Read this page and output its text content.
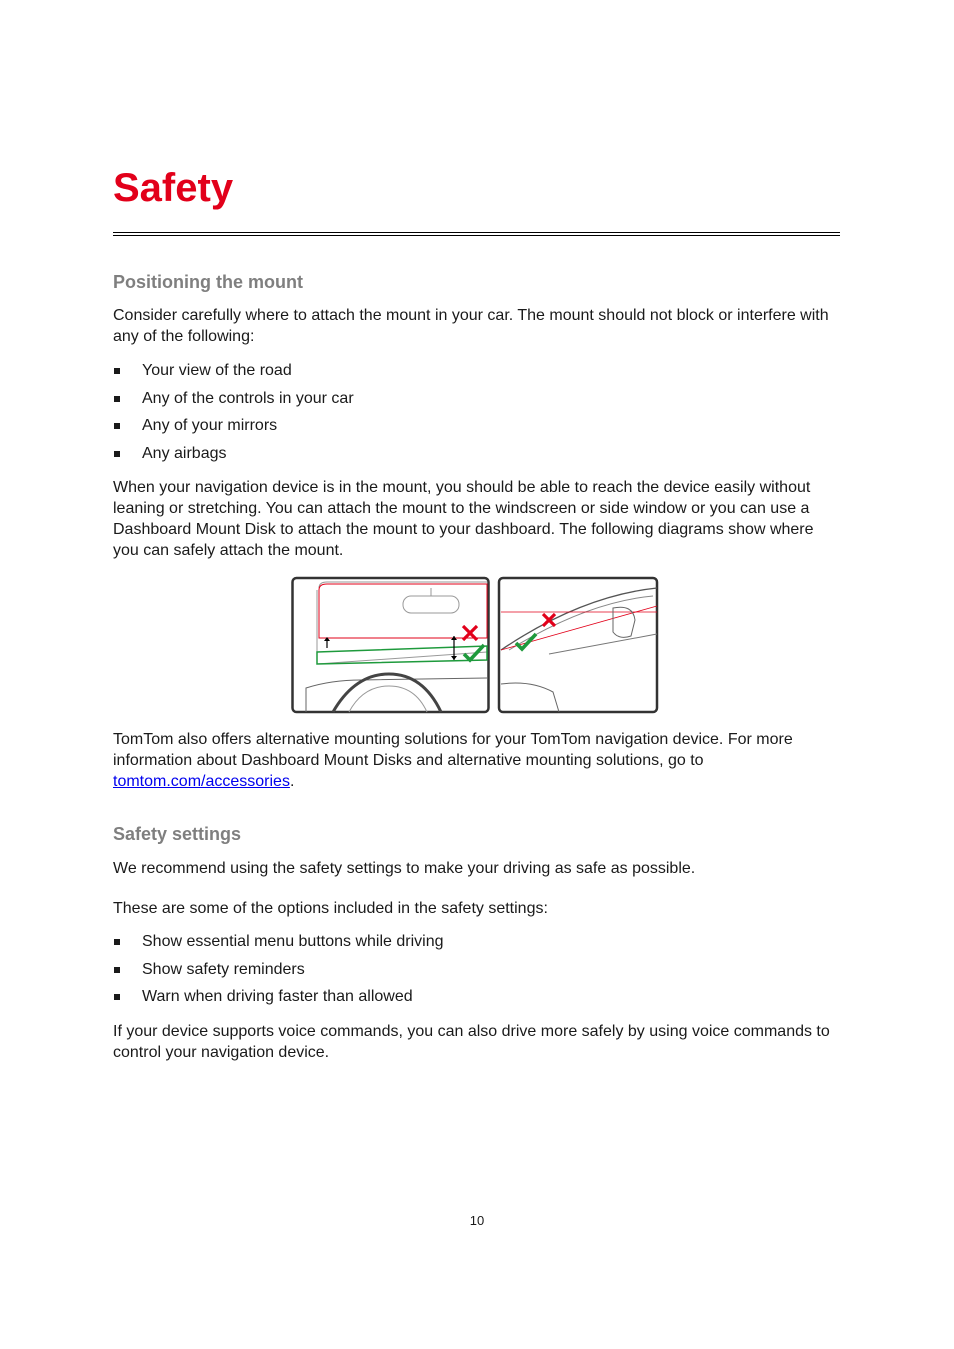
Safety
Positioning the mount

Consider carefully where to attach the mount in your car. The mount should not block or interfere with any of the following:

Your view of the road
Any of the controls in your car
Any of your mirrors
Any airbags

When your navigation device is in the mount, you should be able to reach the device easily without leaning or stretching. You can attach the mount to the windscreen or side window or you can use a Dashboard Mount Disk to attach the mount to your dashboard. The following diagrams show where you can safely attach the mount.

TomTom also offers alternative mounting solutions for your TomTom navigation device. For more information about Dashboard Mount Disks and alternative mounting solutions, go to tomtom.com/accessories.

Safety settings

We recommend using the safety settings to make your driving as safe as possible.

These are some of the options included in the safety settings:

Show essential menu buttons while driving
Show safety reminders
Warn when driving faster than allowed

If your device supports voice commands, you can also drive more safely by using voice commands to control your navigation device.

10
